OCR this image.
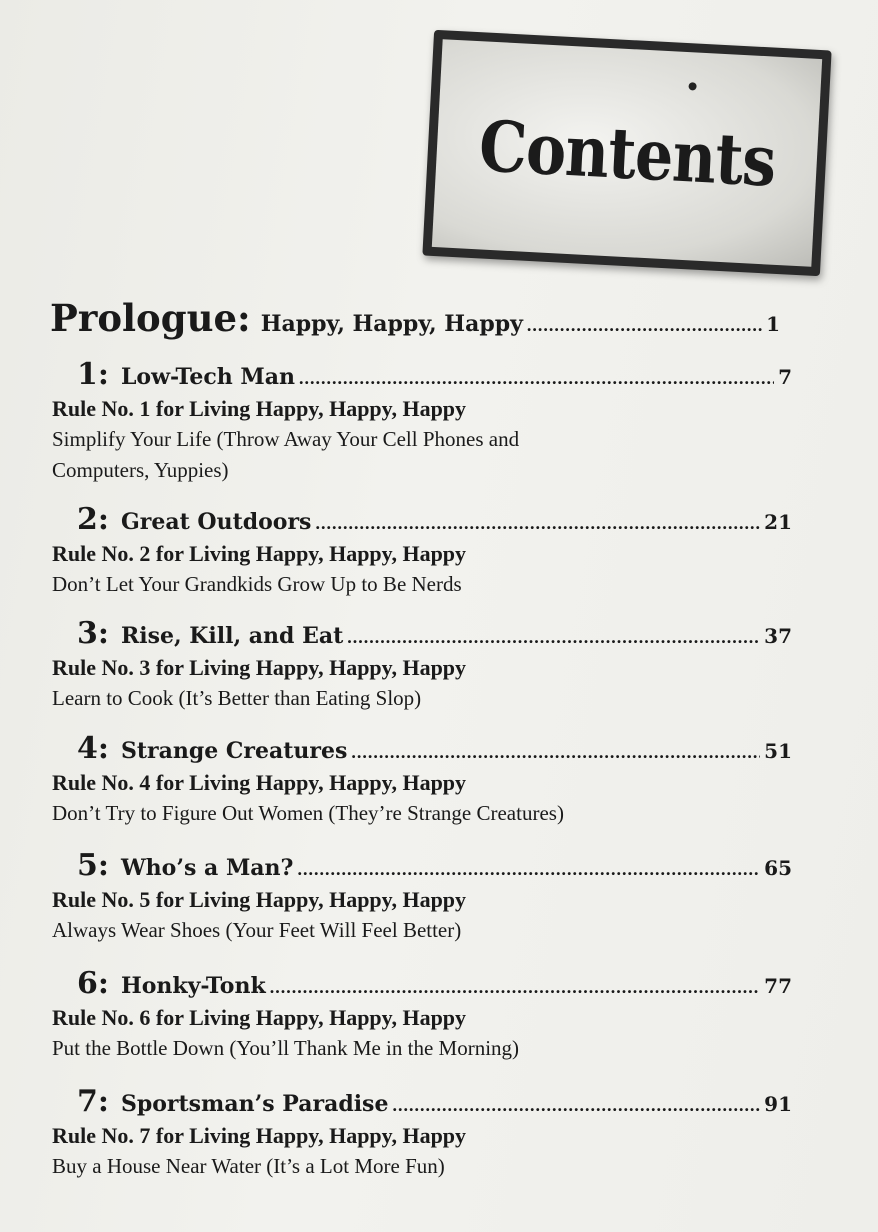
Contents
Prologue: Happy, Happy, Happy .....	1
1: Low-Tech Man .....	7
Rule No. 1 for Living Happy, Happy, Happy
Simplify Your Life (Throw Away Your Cell Phones and Computers, Yuppies)
2: Great Outdoors .....	21
Rule No. 2 for Living Happy, Happy, Happy
Don’t Let Your Grandkids Grow Up to Be Nerds
3: Rise, Kill, and Eat .....	37
Rule No. 3 for Living Happy, Happy, Happy
Learn to Cook (It’s Better than Eating Slop)
4: Strange Creatures .....	51
Rule No. 4 for Living Happy, Happy, Happy
Don’t Try to Figure Out Women (They’re Strange Creatures)
5: Who’s a Man? .....	65
Rule No. 5 for Living Happy, Happy, Happy
Always Wear Shoes (Your Feet Will Feel Better)
6: Honky-Tonk .....	77
Rule No. 6 for Living Happy, Happy, Happy
Put the Bottle Down (You’ll Thank Me in the Morning)
7: Sportsman’s Paradise .....	91
Rule No. 7 for Living Happy, Happy, Happy
Buy a House Near Water (It’s a Lot More Fun)
